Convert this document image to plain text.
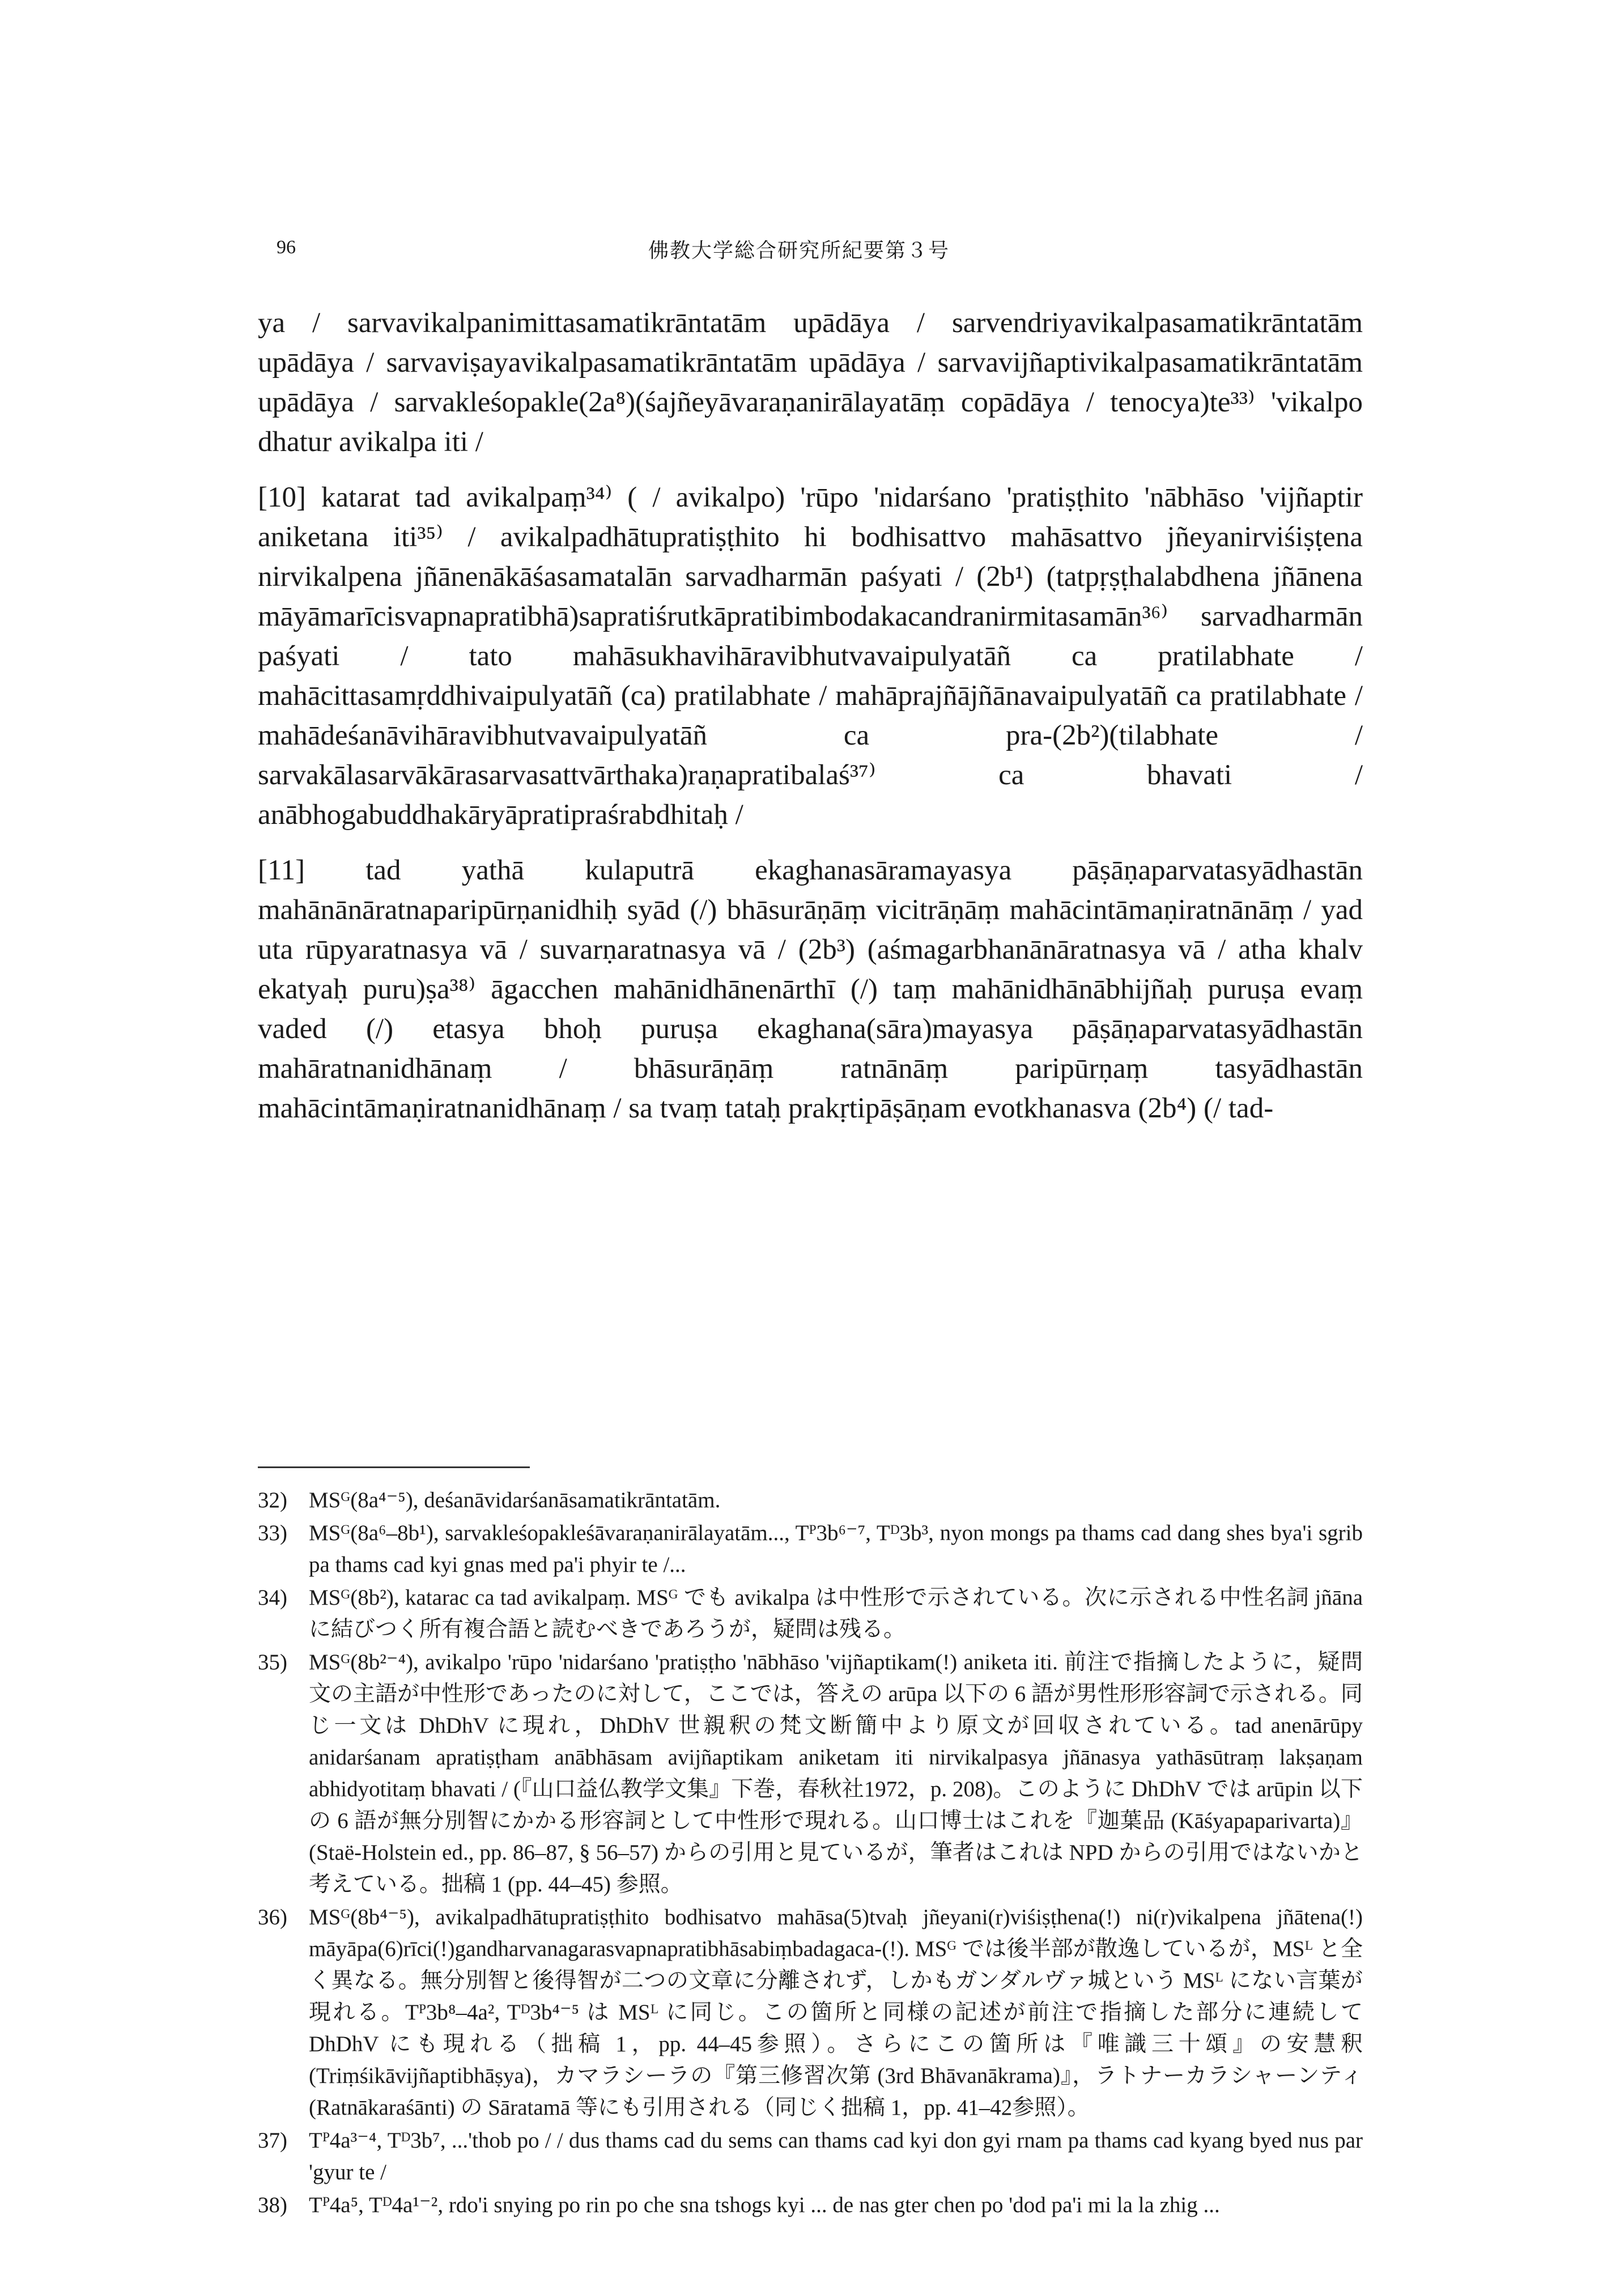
96	佛教大学総合研究所紀要第３号

ya / sarvavikalpanimittasamatikrāntatām upādāya / sarvendriyavikalpasamatikrāntatām upādāya / sarvaviṣayavikalpasamatikrāntatām upādāya / sarvavijñaptivikalpasamatikrāntatām upādāya / sarvakleśopakle(2a⁸)(śajñeyāvaraṇanirālayatāṃ copādāya / tenocya)te³³⁾ 'vikalpo dhatur avikalpa iti /

[10] katarat tad avikalpaṃ³⁴⁾ ( / avikalpo) 'rūpo 'nidarśano 'pratiṣṭhito 'nābhāso 'vijñaptir aniketana iti³⁵⁾ / avikalpadhātupratiṣṭhito hi bodhisattvo mahāsattvo jñeyanirviśiṣṭena nirvikalpena jñānenākāśasamatalān sarvadharmān paśyati / (2b¹) (tatpṛṣṭhalabdhena jñānena māyāmarīcisvapnapratibhā)sapratiśrutkāpratibimbodakacandranirmitasamān³⁶⁾ sarvadharmān paśyati / tato mahāsukhavihāravibhutvavaipulyatāñ ca pratilabhate / mahācittasamṛddhivaipulyatāñ (ca) pratilabhate / mahāprajñājñānavaipulyatāñ ca pratilabhate / mahādeśanāvihāravibhutvavaipulyatāñ ca pra-(2b²)(tilabhate / sarvakālasarvākārasarvasattvārthaka)raṇapratibalaś³⁷⁾ ca bhavati / anābhogabuddhakāryāpratipraśrabdhitaḥ /

[11] tad yathā kulaputrā ekaghanasāramayasya pāṣāṇaparvatasyādhastān mahānānāratnaparipūrṇanidhiḥ syād (/) bhāsurāṇāṃ vicitrāṇāṃ mahācintāmaṇiratnānāṃ / yad uta rūpyaratnasya vā / suvarṇaratnasya vā / (2b³) (aśmagarbhanānāratnasya vā / atha khalv ekatyaḥ puru)ṣa³⁸⁾ āgacchen mahānidhānenārthī (/) taṃ mahānidhānābhijñaḥ puruṣa evaṃ vaded (/) etasya bhoḥ puruṣa ekaghana(sāra)mayasya pāṣāṇaparvatasyādhastān mahāratnanidhānaṃ / bhāsurāṇāṃ ratnānāṃ paripūrṇaṃ tasyādhastān mahācintāmaṇiratnanidhānaṃ / sa tvaṃ tataḥ prakṛtipāṣāṇam evotkhanasva (2b⁴) (/ tad-

32) MSᴳ(8a⁴⁻⁵), deśanāvidarśanāsamatikrāntatām.
33) MSᴳ(8a⁶–8b¹), sarvakleśopakleśāvaraṇanirālayatām..., Tᴾ3b⁶⁻⁷, Tᴰ3b³, nyon mongs pa thams cad dang shes bya'i sgrib pa thams cad kyi gnas med pa'i phyir te /...
34) MSᴳ(8b²), katarac ca tad avikalpaṃ. MSᴳ でも avikalpa は中性形で示されている。次に示される中性名詞 jñāna に結びつく所有複合語と読むべきであろうが，疑問は残る。
35) MSᴳ(8b²⁻⁴), avikalpo 'rūpo 'nidarśano 'pratiṣṭho 'nābhāso 'vijñaptikam(!) aniketa iti. 前注で指摘したように，疑問文の主語が中性形であったのに対して，ここでは，答えの arūpa 以下の 6 語が男性形形容詞で示される。同じ一文は DhDhV に現れ，DhDhV 世親釈の梵文断簡中より原文が回収されている。tad anenārūpy anidarśanam apratiṣṭham anābhāsam avijñaptikam aniketam iti nirvikalpasya jñānasya yathāsūtraṃ lakṣaṇam abhidyotitaṃ bhavati / (『山口益仏教学文集』下巻，春秋社1972，p. 208)。このように DhDhV では arūpin 以下の 6 語が無分別智にかかる形容詞として中性形で現れる。山口博士はこれを『迦葉品 (Kāśyapaparivarta)』(Staë-Holstein ed., pp. 86–87, § 56–57) からの引用と見ているが，筆者はこれは NPD からの引用ではないかと考えている。拙稿 1 (pp. 44–45) 参照。
36) MSᴳ(8b⁴⁻⁵), avikalpadhātupratiṣṭhito bodhisatvo mahāsa(5)tvaḥ jñeyani(r)viśiṣṭhena(!) ni(r)vikalpena jñātena(!) māyāpa(6)rīci(!)gandharvanagarasvapnapratibhāsabiṃbadagaca-(!). MSᴳ では後半部が散逸しているが，MSᴸ と全く異なる。無分別智と後得智が二つの文章に分離されず，しかもガンダルヴァ城という MSᴸ にない言葉が現れる。Tᴾ3b⁸–4a², Tᴰ3b⁴⁻⁵ は MSᴸ に同じ。この箇所と同様の記述が前注で指摘した部分に連続して DhDhV にも現れる（拙稿 1，pp. 44–45参照）。さらにこの箇所は『唯識三十頌』の安慧釈 (Triṃśikāvijñaptibhāṣya)，カマラシーラの『第三修習次第 (3rd Bhāvanākrama)』，ラトナーカラシャーンティ (Ratnākaraśānti) の Sāratamā 等にも引用される（同じく拙稿 1，pp. 41–42参照）。
37) Tᴾ4a³⁻⁴, Tᴰ3b⁷, ...'thob po / / dus thams cad du sems can thams cad kyi don gyi rnam pa thams cad kyang byed nus par 'gyur te /
38) Tᴾ4a⁵, Tᴰ4a¹⁻², rdo'i snying po rin po che sna tshogs kyi ... de nas gter chen po 'dod pa'i mi la la zhig ...
